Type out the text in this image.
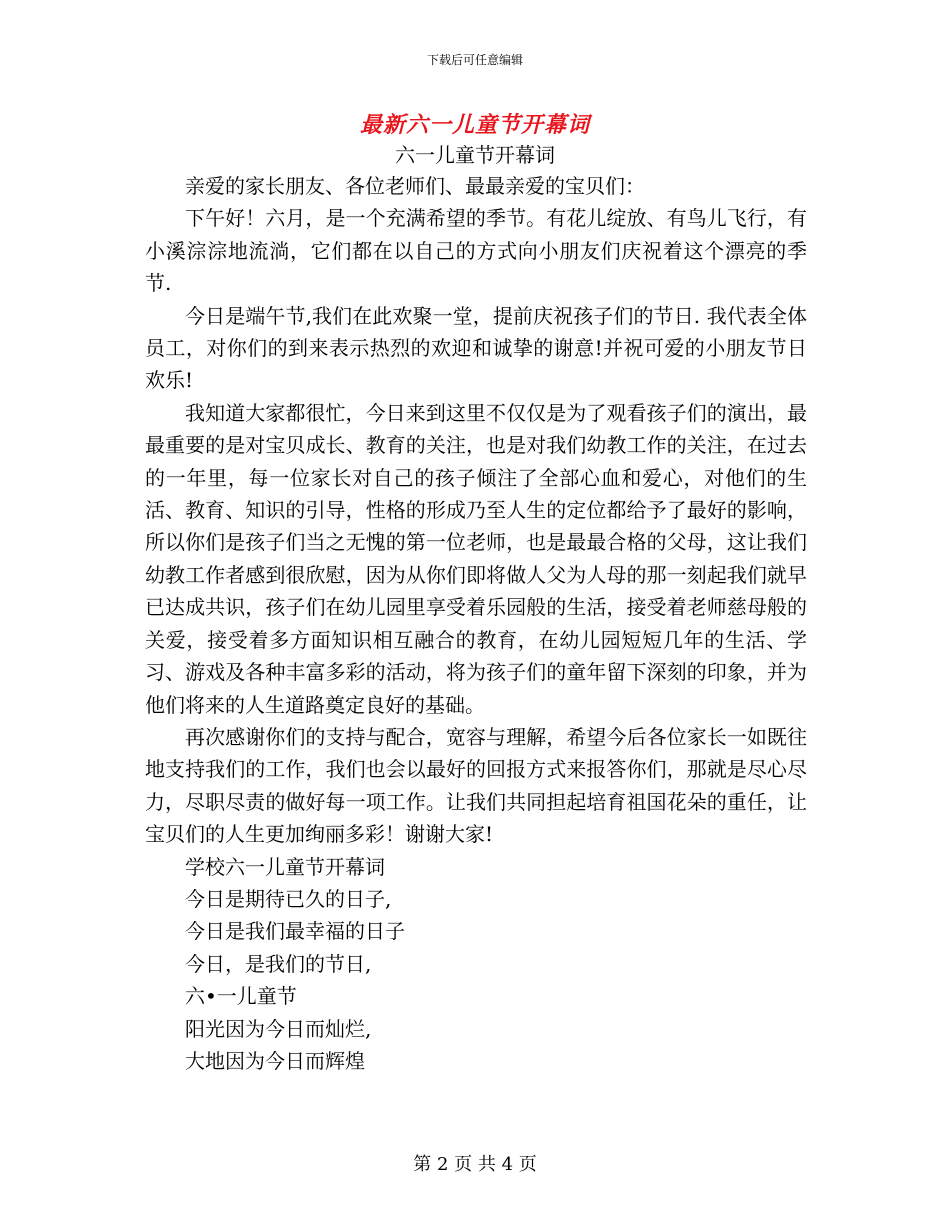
下载后可任意编辑
最新六一儿童节开幕词
六一儿童节开幕词

亲爱的家长朋友、各位老师们、最最亲爱的宝贝们：

下午好！六月，是一个充满希望的季节。有花儿绽放、有鸟儿飞行，有小溪淙淙地流淌，它们都在以自己的方式向小朋友们庆祝着这个漂亮的季节.

今日是端午节,我们在此欢聚一堂，提前庆祝孩子们的节日. 我代表全体员工，对你们的到来表示热烈的欢迎和诚挚的谢意!并祝可爱的小朋友节日欢乐!

我知道大家都很忙，今日来到这里不仅仅是为了观看孩子们的演出，最最重要的是对宝贝成长、教育的关注，也是对我们幼教工作的关注，在过去的一年里，每一位家长对自己的孩子倾注了全部心血和爱心，对他们的生活、教育、知识的引导，性格的形成乃至人生的定位都给予了最好的影响，所以你们是孩子们当之无愧的第一位老师，也是最最合格的父母，这让我们幼教工作者感到很欣慰，因为从你们即将做人父为人母的那一刻起我们就早已达成共识，孩子们在幼儿园里享受着乐园般的生活，接受着老师慈母般的关爱，接受着多方面知识相互融合的教育，在幼儿园短短几年的生活、学习、游戏及各种丰富多彩的活动，将为孩子们的童年留下深刻的印象，并为他们将来的人生道路奠定良好的基础。

再次感谢你们的支持与配合，宽容与理解，希望今后各位家长一如既往地支持我们的工作，我们也会以最好的回报方式来报答你们，那就是尽心尽力，尽职尽责的做好每一项工作。让我们共同担起培育祖国花朵的重任，让宝贝们的人生更加绚丽多彩！谢谢大家!

学校六一儿童节开幕词

今日是期待已久的日子,

今日是我们最幸福的日子

今日，是我们的节日,

六•一儿童节

阳光因为今日而灿烂,

大地因为今日而辉煌

第 2 页 共 4 页
